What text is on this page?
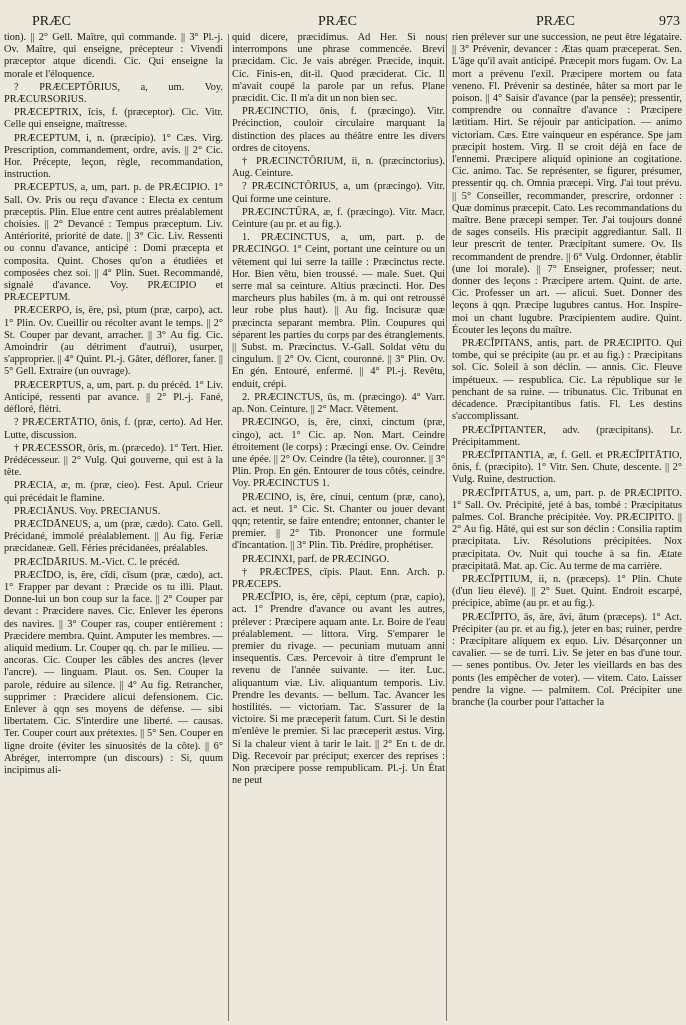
PRÆC	PRÆC	PRÆC	973

tion). || 2° Gell. Maître, qui commande. || 3° Pl.-j. Ov. Maître, qui enseigne, précepteur : Vivendi præceptor atque dicendi. Cic. Qui enseigne la morale et l'éloquence.

? PRÆCEPTŌRIUS, a, um. Voy. PRÆCURSORIUS.

PRÆCEPTRIX, īcis, f. (præceptor). Cic. Vitr. Celle qui enseigne, maîtresse.

PRÆCEPTUM, i, n. (præcipio). 1° Cæs. Virg. Prescription, commandement, ordre, avis. || 2° Cic. Hor. Précepte, leçon, règle, recommandation, instruction.

PRÆCEPTUS, a, um, part. p. de PRÆCIPIO. 1° Sall. Ov. Pris ou reçu d'avance : Electa ex centum præceptis. Plin. Elue entre cent autres préalablement choisies. || 2° Devancé : Tempus præceptum. Liv. Antériorité, priorité de date. || 3° Cic. Liv. Ressenti ou connu d'avance, anticipé : Domi præcepta et composita. Quint. Choses qu'on a étudiées et composées chez soi. || 4° Plin. Suet. Recommandé, signalé d'avance. Voy. PRÆCIPIO et PRÆCEPTUM.

PRÆCERPO, is, ĕre, psi, ptum (præ, carpo), act. 1° Plin. Ov. Cueillir ou récolter avant le temps. || 2° St. Couper par devant, arracher. || 3° Au fig. Cic. Amoindrir (au détriment d'autrui), usurper, s'approprier. || 4° Quint. Pl.-j. Gâter, déflorer, faner. || 5° Gell. Extraire (un ouvrage).

PRÆCERPTUS, a, um, part. p. du précéd. 1° Liv. Anticipé, ressenti par avance. || 2° Pl.-j. Fané, défloré, flétri.

? PRÆCERTĀTIO, ōnis, f. (præ, certo). Ad Her. Lutte, discussion.

† PRÆCESSOR, ōris, m. (præcedo). 1° Tert. Hier. Prédécesseur. || 2° Vulg. Qui gouverne, qui est à la tête.

PRÆCIA, æ, m. (præ, cieo). Fest. Apul. Crieur qui précédait le flamine.

PRÆCIĀNUS. Voy. PRECIANUS.

PRÆCĪDĀNEUS, a, um (præ, cædo). Cato. Gell. Précidané, immolé préalablement. || Au fig. Feriæ præcidaneæ. Gell. Féries précidanées, préalables.

PRÆCĪDĀRIUS. M.-Vict. C. le précéd.

PRÆCĪDO, is, ĕre, cīdi, cīsum (præ, cædo), act. 1° Frapper par devant : Præcide os tu illi. Plaut. Donne-lui un bon coup sur la face. || 2° Couper par devant : Præcidere naves. Cic. Enlever les éperons des navires. || 3° Couper ras, couper entièrement : Præcidere membra. Quint. Amputer les membres. — aliquid medium. Lr. Couper qq. ch. par le milieu. — ancoras. Cic. Couper les câbles des ancres (lever l'ancre). — linguam. Plaut. os. Sen. Couper la parole, réduire au silence. || 4° Au fig. Retrancher, supprimer : Præcidere alicui defensionem. Cic. Enlever à qqn ses moyens de défense. — sibi libertatem. Cic. S'interdire une liberté. — causas. Ter. Couper court aux prétextes. || 5° Sen. Couper en ligne droite (éviter les sinuosités de la côte). || 6° Abréger, interrompre (un discours) : Si, quum incipimus ali-

quid dicere, præcidimus. Ad Her. Si nous interrompons une phrase commencée. Brevi præcidam. Cic. Je vais abréger. Præcide, inquit. Cic. Finis-en, dit-il. Quod præciderat. Cic. Il m'avait coupé la parole par un refus. Plane præcidit. Cic. Il m'a dit un non bien sec.

PRÆCINCTIO, ōnis, f. (præcingo). Vitr. Précinction, couloir circulaire marquant la distinction des places au théâtre entre les divers ordres de citoyens.

† PRÆCINCTŌRIUM, ii, n. (præcinctorius). Aug. Ceinture.

? PRÆCINCTŌRIUS, a, um (præcingo). Vitr. Qui forme une ceinture.

PRÆCINCTŪRA, æ, f. (præcingo). Vitr. Macr. Ceinture (au pr. et au fig.).

1. PRÆCINCTUS, a, um, part. p. de PRÆCINGO. 1° Ceint, portant une ceinture ou un vêtement qui lui serre la taille : Præcinctus recte. Hor. Bien vêtu, bien troussé. — male. Suet. Qui serre mal sa ceinture. Altius præcincti. Hor. Des marcheurs plus habiles (m. à m. qui ont retroussé leur robe plus haut). || Au fig. Incisuræ quæ præcincta separant membra. Plin. Coupures qui séparent les parties du corps par des étranglements. || Subst. m. Præcinctus. V.-Gall. Soldat vêtu du cingulum. || 2° Ov. Cicnt, couronné. || 3° Plin. Ov. En gén. Entouré, enfermé. || 4° Pl.-j. Revêtu, enduit, crépi.

2. PRÆCINCTUS, ūs, m. (præcingo). 4° Varr. ap. Non. Ceinture. || 2° Macr. Vêtement.

PRÆCINGO, is, ĕre, cinxi, cinctum (præ, cingo), act. 1° Cic. ap. Non. Mart. Ceindre étroitement (le corps) : Præcingi ense. Ov. Ceindre une épée. || 2° Ov. Ceindre (la tête), couronner. || 3° Plin. Prop. En gén. Entourer de tous côtés, ceindre. Voy. PRÆCINCTUS 1.

PRÆCINO, is, ĕre, cinui, centum (præ, cano), act. et neut. 1° Cic. St. Chanter ou jouer devant qqn; retentir, se faire entendre; entonner, chanter le premier. || 2° Tib. Prononcer une formule d'incantation. || 3° Plin. Tib. Prédire, prophétiser.

PRÆCINXI, parf. de PRÆCINGO.

† PRÆCĪPES, cĭpis. Plaut. Enn. Arch. p. PRÆCEPS.

PRÆCĬPIO, is, ĕre, cēpi, ceptum (præ, capio), act. 1° Prendre d'avance ou avant les autres, prélever : Præcipere aquam ante. Lr. Boire de l'eau préalablement. — littora. Virg. S'emparer le premier du rivage. — pecuniam mutuam anni insequentis. Cæs. Percevoir à titre d'emprunt le revenu de l'année suivante. — iter. Luc. aliquantum viæ. Liv. aliquantum temporis. Liv. Prendre les devants. — bellum. Tac. Avancer les hostilités. — victoriam. Tac. S'assurer de la victoire. Si me præceperit fatum. Curt. Si le destin m'enlève le premier. Si lac præceperit æstus. Virg. Si la chaleur vient à tarir le lait. || 2° En t. de dr. Dig. Recevoir par préciput; exercer des reprises : Non præcipere posse rempublicam. Pl.-j. Un État ne peut

rien prélever sur une succession, ne peut être légataire. || 3° Prévenir, devancer : Ætas quam præceperat. Sen. L'âge qu'il avait anticipé. Præcepit mors fugam. Ov. La mort a prévenu l'exil. Præcipere mortem ou fata veneno. Fl. Prévenir sa destinée, hâter sa mort par le poison. || 4° Saisir d'avance (par la pensée); pressentir, comprendre ou connaître d'avance : Præcipere lætitiam. Hirt. Se réjouir par anticipation. — animo victoriam. Cæs. Etre vainqueur en espérance. Spe jam præcipit hostem. Virg. Il se croit déjà en face de l'ennemi. Præcipere aliquid opinione an cogitatione. Cic. animo. Tac. Se représenter, se figurer, présumer, pressentir qq. ch. Omnia præcepi. Virg. J'ai tout prévu. || 5° Conseiller, recommander, prescrire, ordonner : Quæ dominus præcepit. Cato. Les recommandations du maître. Bene præcepi semper. Ter. J'ai toujours donné de sages conseils. His præcipit aggrediantur. Sall. Il leur prescrit de tenter. Præcipitant sumere. Ov. Ils recommandent de prendre. || 6° Vulg. Ordonner, établir (une loi morale). || 7° Enseigner, professer; neut. donner des leçons : Præcipere artem. Quint. de arte. Cic. Professer un art. — alicui. Suet. Donner des leçons à qqn. Præcipe lugubres cantus. Hor. Inspire-moi un chant lugubre. Præcipientem audire. Quint. Écouter les leçons du maître.

PRÆCĬPITANS, antis, part. de PRÆCIPITO. Qui tombe, qui se précipite (au pr. et au fig.) : Præcipitans sol. Cic. Soleil à son déclin. — annis. Cic. Fleuve impétueux. — respublica. Cic. La république sur le penchant de sa ruine. — tribunatus. Cic. Tribunat en décadence. Præcipitantibus fatis. Fl. Les destins s'accomplissant.

PRÆCĬPITANTER, adv. (præcipitans). Lr. Précipitamment.

PRÆCĬPITANTIA, æ, f. Gell. et PRÆCĬPITĀTIO, ōnis, f. (præcipito). 1° Vitr. Sen. Chute, descente. || 2° Vulg. Ruine, destruction.

PRÆCĬPITĀTUS, a, um, part. p. de PRÆCIPITO. 1° Sall. Ov. Précipité, jeté à bas, tombé : Præcipitatus palmes. Col. Branche précipitée. Voy. PRÆCIPITO. || 2° Au fig. Hâté, qui est sur son déclin : Consilia raptim præcipitata. Liv. Résolutions précipitées. Nox præcipitata. Ov. Nuit qui touche à sa fin. Ætate præcipitatâ. Mat. ap. Cic. Au terme de ma carrière.

PRÆCĬPITIUM, ii, n. (præceps). 1° Plin. Chute (d'un lieu élevé). || 2° Suet. Quint. Endroit escarpé, précipice, abîme (au pr. et au fig.).

PRÆCĬPITO, ās, āre, āvi, ātum (præceps). 1° Act. Précipiter (au pr. et au fig.), jeter en bas; ruiner, perdre : Præcipitare aliquem ex equo. Liv. Désarçonner un cavalier. — se de turri. Liv. Se jeter en bas d'une tour. — senes pontibus. Ov. Jeter les vieillards en bas des ponts (les empêcher de voter). — vitem. Cato. Laisser pendre la vigne. — palmitem. Col. Précipiter une branche (la courber pour l'attacher la
